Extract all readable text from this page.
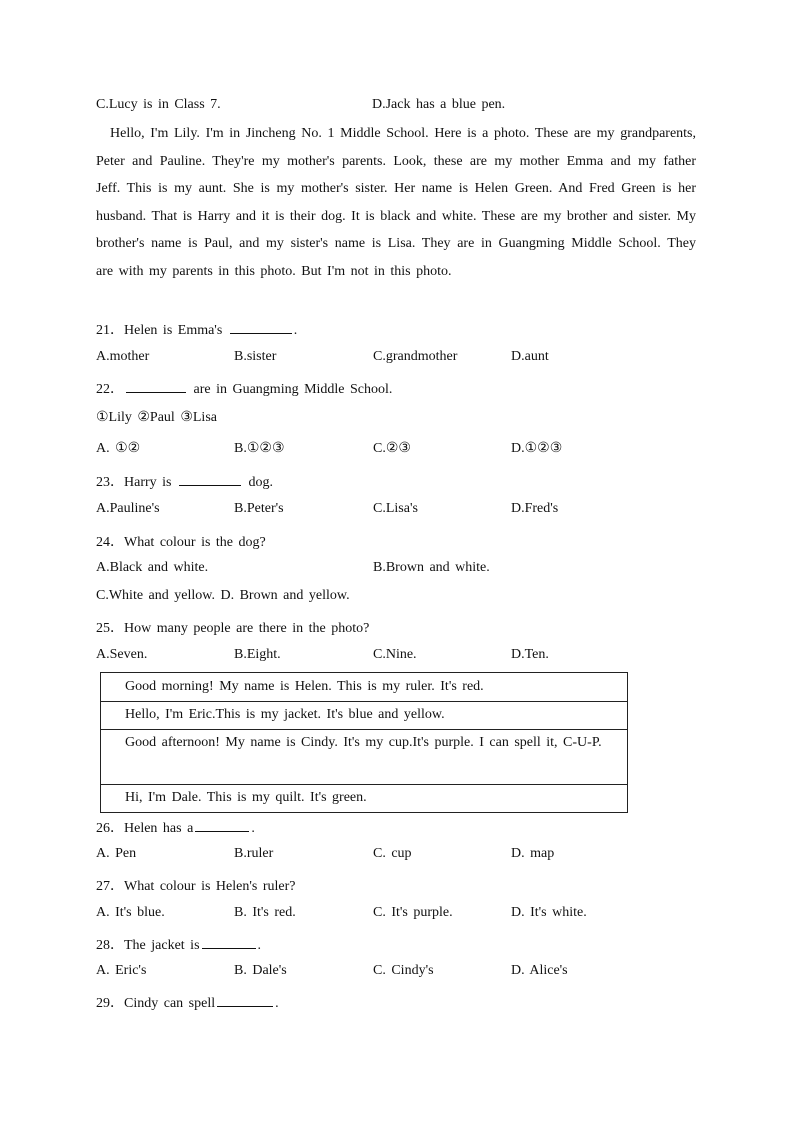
C.Lucy is in Class 7.	D.Jack has a blue pen.
Hello, I'm Lily. I'm in Jincheng No. 1 Middle School. Here is a photo. These are my grandparents, Peter and Pauline. They're my mother's parents. Look, these are my mother Emma and my father Jeff. This is my aunt. She is my mother's sister. Her name is Helen Green. And Fred Green is her husband. That is Harry and it is their dog. It is black and white. These are my brother and sister. My brother's name is Paul, and my sister's name is Lisa. They are in Guangming Middle School. They are with my parents in this photo. But I'm not in this photo.
21．Helen is Emma's	.
A.mother	B.sister	C.grandmother	D.aunt
22．	are in Guangming Middle School.
①Lily ②Paul ③Lisa
A. ①②	B.①②③	C.②③	D.①②③
23．Harry is	dog.
A.Pauline's	B.Peter's	C.Lisa's	D.Fred's
24．What colour is the dog?
A.Black and white.	B.Brown and white.
C.White and yellow. D. Brown and yellow.
25．How many people are there in the photo?
A.Seven.	B.Eight.	C.Nine.	D.Ten.
Good morning! My name is Helen. This is my ruler. It's red.
Hello, I'm Eric.This is my jacket. It's blue and yellow.
Good afternoon! My name is Cindy. It's my cup.It's purple. I can spell it, C-U-P.
Hi, I'm Dale. This is my quilt. It's green.
26．Helen has a	.
A. Pen	B.ruler	C. cup	D. map
27．What colour is Helen's ruler?
A. It's blue.	B. It's red.	C. It's purple.	D. It's white.
28．The jacket is	.
A. Eric's	B. Dale's	C. Cindy's	D. Alice's
29．Cindy can spell	.
